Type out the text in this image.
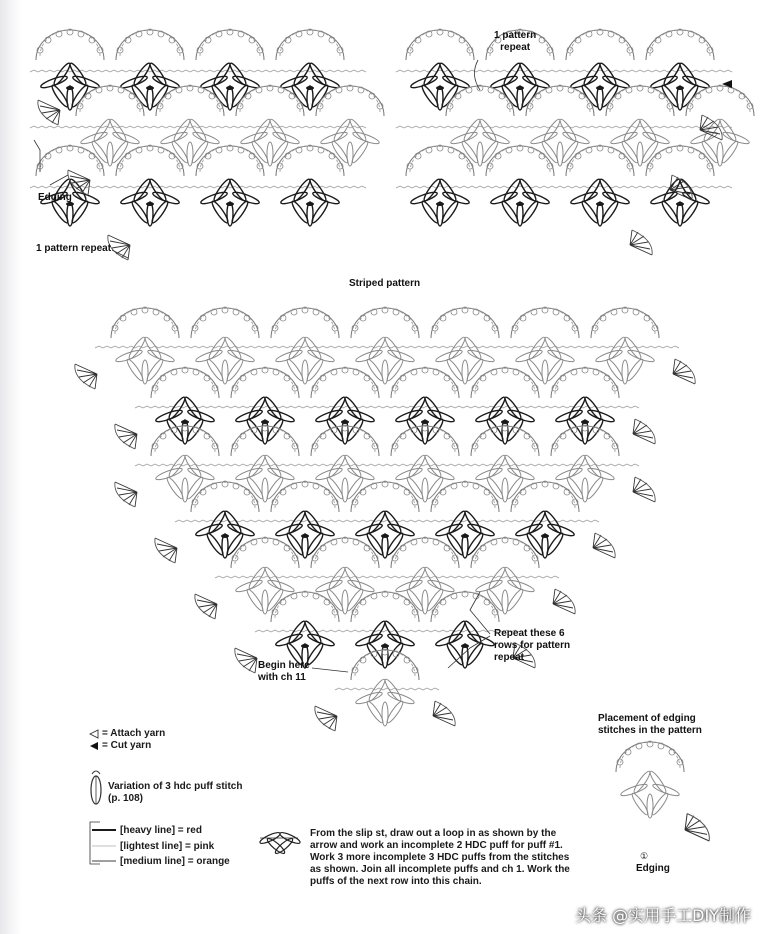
Edging
1 pattern repeat
1 pattern
repeat
Striped pattern
Begin here
with ch 11
Repeat these 6
rows for pattern
repeat
Placement of edging
stitches in the pattern
Edging
①
= Attach yarn
= Cut yarn
Variation of 3 hdc puff stitch
(p. 108)
[heavy line] = red
[lightest line] = pink
[medium line] = orange
From the slip st, draw out a loop in as shown by the arrow and work an incomplete 2 HDC puff for puff #1. Work 3 more incomplete 3 HDC puffs from the stitches as shown. Join all incomplete puffs and ch 1. Work the puffs of the next row into this chain.
头条 @实用手工DIY制作
